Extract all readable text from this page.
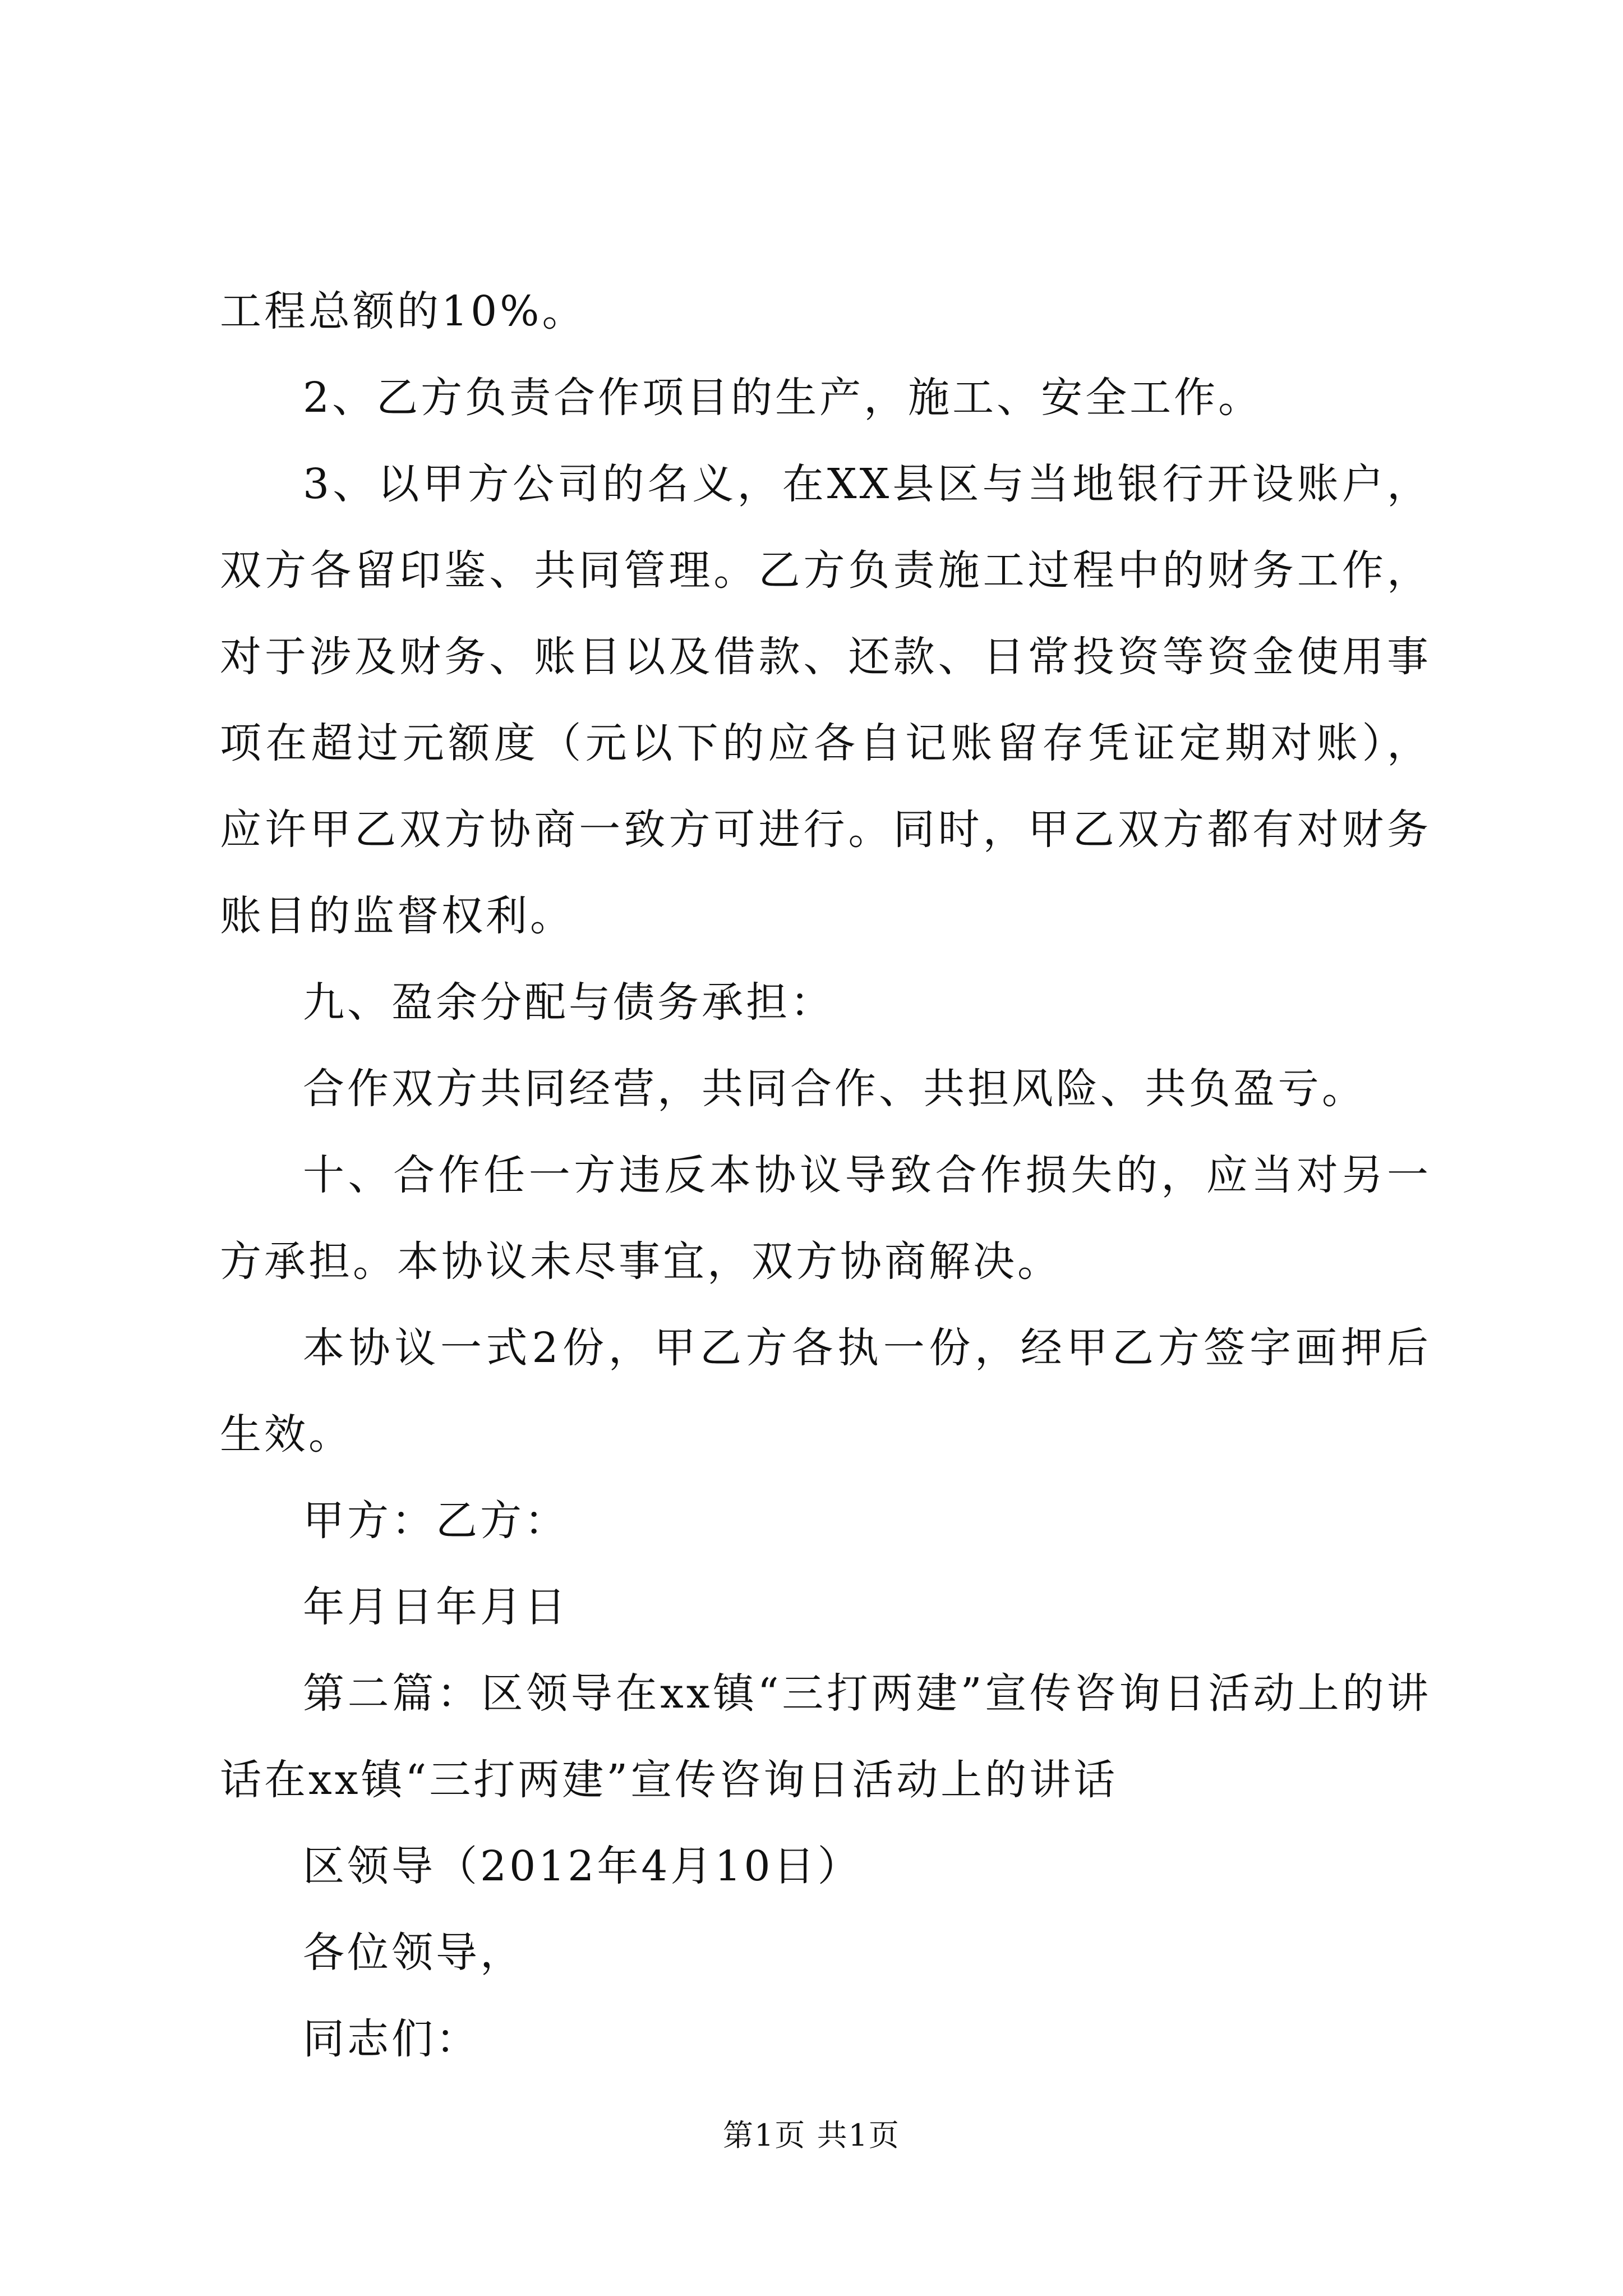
工程总额的10%。

2、乙方负责合作项目的生产，施工、安全工作。

3、以甲方公司的名义，在XX县区与当地银行开设账户，双方各留印鉴、共同管理。乙方负责施工过程中的财务工作，对于涉及财务、账目以及借款、还款、日常投资等资金使用事项在超过元额度（元以下的应各自记账留存凭证定期对账），应许甲乙双方协商一致方可进行。同时，甲乙双方都有对财务账目的监督权利。

九、盈余分配与债务承担：

合作双方共同经营，共同合作、共担风险、共负盈亏。

十、合作任一方违反本协议导致合作损失的，应当对另一方承担。本协议未尽事宜，双方协商解决。

本协议一式2份，甲乙方各执一份，经甲乙方签字画押后生效。

甲方：乙方：

年月日年月日

第二篇：区领导在xx镇“三打两建”宣传咨询日活动上的讲话在xx镇“三打两建”宣传咨询日活动上的讲话

区领导（2012年4月10日）

各位领导，

同志们：

第1页 共1页
